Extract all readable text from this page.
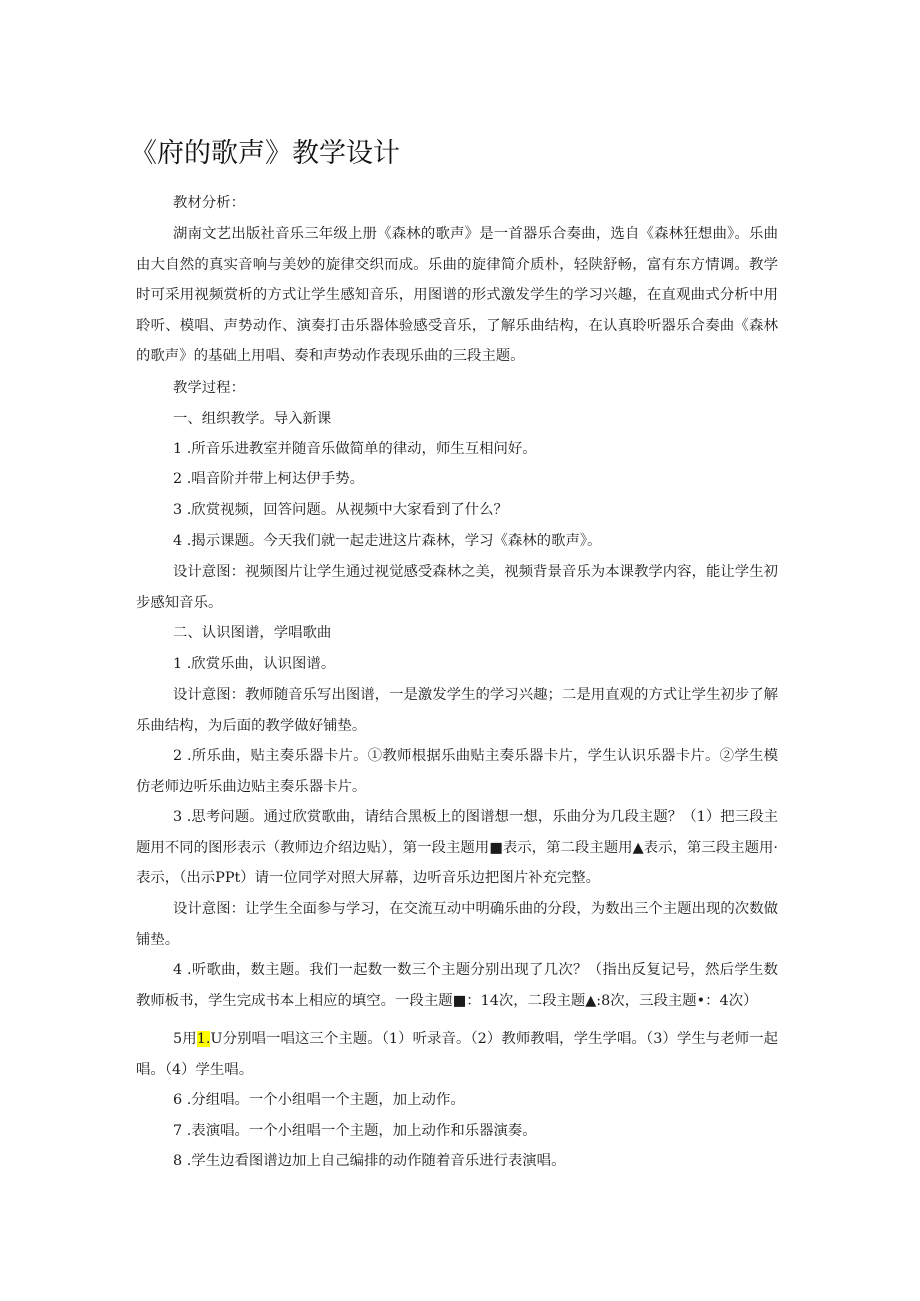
《府的歌声》教学设计
教材分析：
湖南文艺出版社音乐三年级上册《森林的歌声》是一首器乐合奏曲，选自《森林狂想曲》。乐曲由大自然的真实音响与美妙的旋律交织而成。乐曲的旋律简介质朴，轻陕舒畅，富有东方情调。教学时可采用视频赏析的方式让学生感知音乐，用图谱的形式激发学生的学习兴趣，在直观曲式分析中用聆听、模唱、声势动作、演奏打击乐器体验感受音乐，了解乐曲结构，在认真聆听器乐合奏曲《森林的歌声》的基础上用唱、奏和声势动作表现乐曲的三段主题。
教学过程：
一、组织教学。导入新课
1 .所音乐进教室并随音乐做简单的律动，师生互相问好。
2 .唱音阶并带上柯达伊手势。
3 .欣赏视频，回答问题。从视频中大家看到了什么？
4 .揭示课题。今天我们就一起走进这片森林，学习《森林的歌声》。
设计意图：视频图片让学生通过视觉感受森林之美，视频背景音乐为本课教学内容，能让学生初步感知音乐。
二、认识图谱，学唱歌曲
1 .欣赏乐曲，认识图谱。
设计意图：教师随音乐写出图谱，一是激发学生的学习兴趣；二是用直观的方式让学生初步了解乐曲结构，为后面的教学做好铺垫。
2 .所乐曲，贴主奏乐器卡片。①教师根据乐曲贴主奏乐器卡片，学生认识乐器卡片。②学生模仿老师边听乐曲边贴主奏乐器卡片。
3 .思考问题。通过欣赏歌曲，请结合黑板上的图谱想一想，乐曲分为几段主题？（1）把三段主题用不同的图形表示（教师边介绍边贴），第一段主题用■表示，第二段主题用▲表示，第三段主题用·表示，（出示PPt）请一位同学对照大屏幕，边听音乐边把图片补充完整。
设计意图：让学生全面参与学习，在交流互动中明确乐曲的分段，为数出三个主题出现的次数做铺垫。
4 .听歌曲，数主题。我们一起数一数三个主题分别出现了几次？（指出反复记号，然后学生数教师板书，学生完成书本上相应的填空。一段主题■：14次，二段主题▲:8次，三段主题•：4次）
5用1.U分别唱一唱这三个主题。（1）听录音。（2）教师教唱，学生学唱。（3）学生与老师一起唱。（4）学生唱。
6 .分组唱。一个小组唱一个主题，加上动作。
7 .表演唱。一个小组唱一个主题，加上动作和乐器演奏。
8 .学生边看图谱边加上自己编排的动作随着音乐进行表演唱。
